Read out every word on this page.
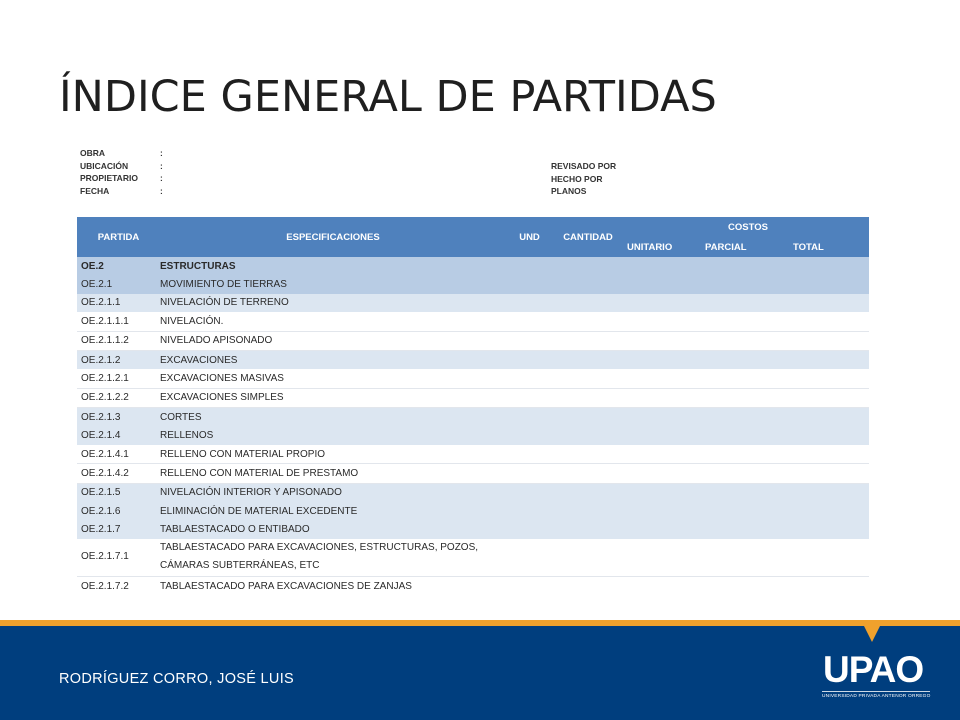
ÍNDICE GENERAL DE PARTIDAS
OBRA	:
UBICACIÓN	:
PROPIETARIO	:
FECHA	:
REVISADO POR
HECHO POR
PLANOS
PARTIDA	ESPECIFICACIONES	UND	CANTIDAD	COSTOS		
				UNITARIO	PARCIAL	TOTAL
OE.2	ESTRUCTURAS					
OE.2.1	MOVIMIENTO DE TIERRAS					
OE.2.1.1	NIVELACIÓN DE TERRENO					
OE.2.1.1.1	NIVELACIÓN.					
OE.2.1.1.2	NIVELADO APISONADO					
OE.2.1.2	EXCAVACIONES					
OE.2.1.2.1	EXCAVACIONES MASIVAS					
OE.2.1.2.2	EXCAVACIONES SIMPLES					
OE.2.1.3	CORTES					
OE.2.1.4	RELLENOS					
OE.2.1.4.1	RELLENO CON MATERIAL PROPIO					
OE.2.1.4.2	RELLENO CON MATERIAL DE PRESTAMO					
OE.2.1.5	NIVELACIÓN INTERIOR Y APISONADO					
OE.2.1.6	ELIMINACIÓN DE MATERIAL EXCEDENTE					
OE.2.1.7	TABLAESTACADO O ENTIBADO					
OE.2.1.7.1	TABLAESTACADO PARA EXCAVACIONES, ESTRUCTURAS, POZOS, CÁMARAS SUBTERRÁNEAS, ETC					
OE.2.1.7.2	TABLAESTACADO PARA EXCAVACIONES DE ZANJAS					
RODRÍGUEZ CORRO, JOSÉ LUIS	UPAO
UNIVERSIDAD PRIVADA ANTENOR ORREGO
